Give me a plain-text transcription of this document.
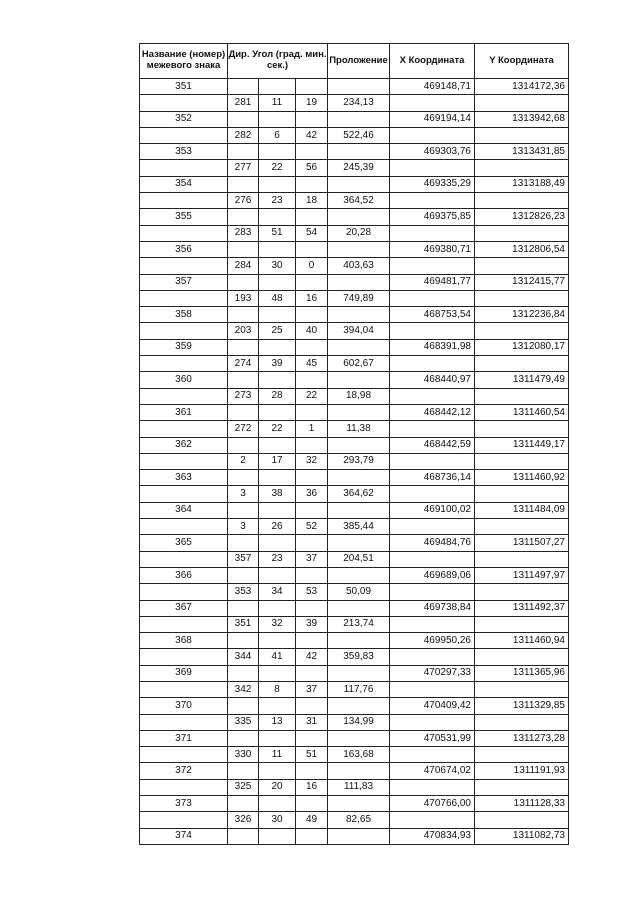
Название (номер) межевого знака	Дир. Угол (град. мин. сек.)			Проложение	X Координата	Y Координата
351					469148,71	1314172,36
	281	11	19	234,13		
352					469194,14	1313942,68
	282	6	42	522,46		
353					469303,76	1313431,85
	277	22	56	245,39		
354					469335,29	1313188,49
	276	23	18	364,52		
355					469375,85	1312826,23
	283	51	54	20,28		
356					469380,71	1312806,54
	284	30	0	403,63		
357					469481,77	1312415,77
	193	48	16	749,89		
358					468753,54	1312236,84
	203	25	40	394,04		
359					468391,98	1312080,17
	274	39	45	602,67		
360					468440,97	1311479,49
	273	28	22	18,98		
361					468442,12	1311460,54
	272	22	1	11,38		
362					468442,59	1311449,17
	2	17	32	293,79		
363					468736,14	1311460,92
	3	38	36	364,62		
364					469100,02	1311484,09
	3	26	52	385,44		
365					469484,76	1311507,27
	357	23	37	204,51		
366					469689,06	1311497,97
	353	34	53	50,09		
367					469738,84	1311492,37
	351	32	39	213,74		
368					469950,26	1311460,94
	344	41	42	359,83		
369					470297,33	1311365,96
	342	8	37	117,76		
370					470409,42	1311329,85
	335	13	31	134,99		
371					470531,99	1311273,28
	330	11	51	163,68		
372					470674,02	1311191,93
	325	20	16	111,83		
373					470766,00	1311128,33
	326	30	49	82,65		
374					470834,93	1311082,73
